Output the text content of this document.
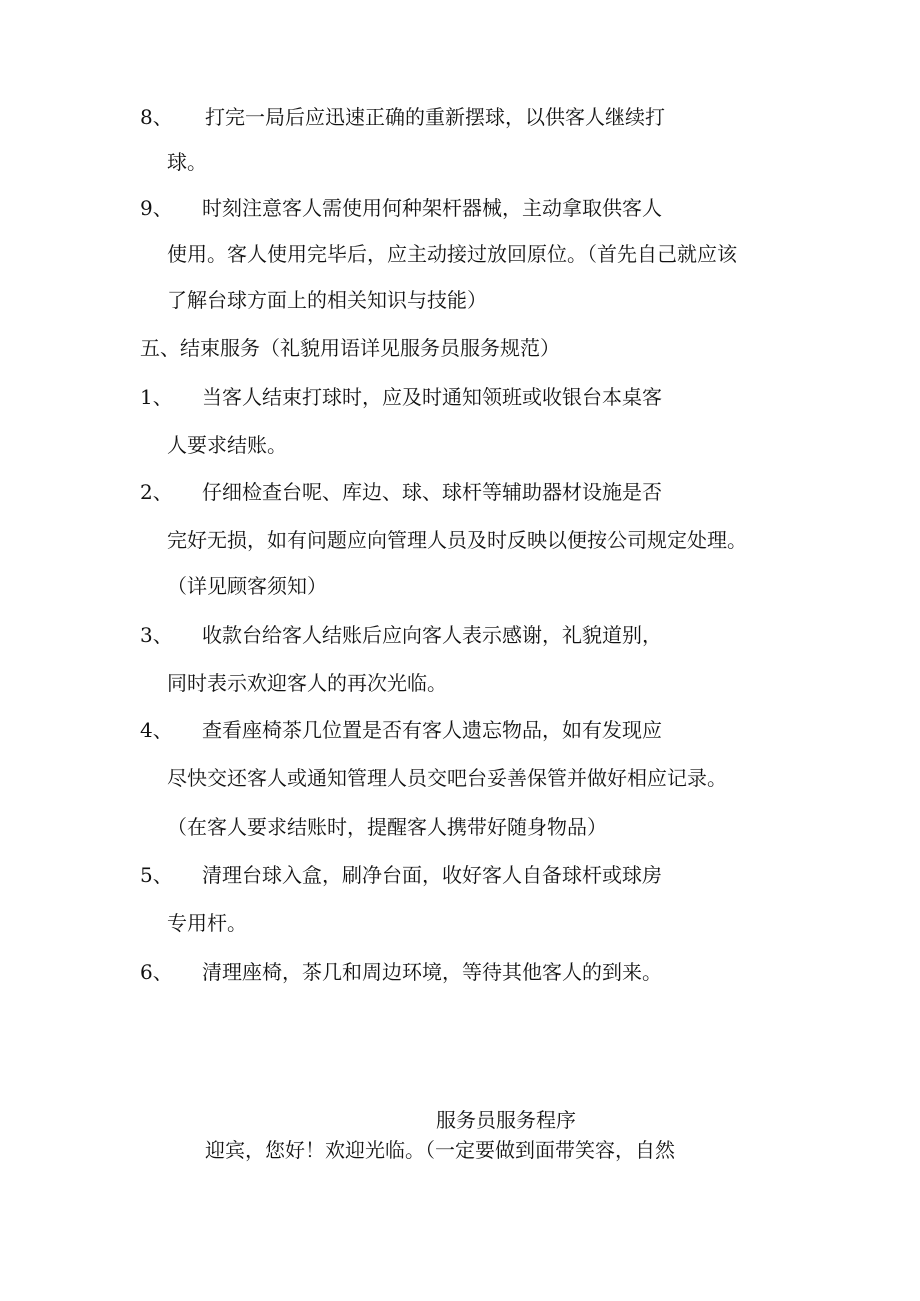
8、 打完一局后应迅速正确的重新摆球，以供客人继续打
球。
9、 时刻注意客人需使用何种架杆器械，主动拿取供客人
使用。客人使用完毕后，应主动接过放回原位。（首先自己就应该
了解台球方面上的相关知识与技能）
五、结束服务（礼貌用语详见服务员服务规范）
1、 当客人结束打球时，应及时通知领班或收银台本桌客
人要求结账。
2、 仔细检查台呢、库边、球、球杆等辅助器材设施是否
完好无损，如有问题应向管理人员及时反映以便按公司规定处理。
（详见顾客须知）
3、 收款台给客人结账后应向客人表示感谢，礼貌道别，
同时表示欢迎客人的再次光临。
4、 查看座椅茶几位置是否有客人遗忘物品，如有发现应
尽快交还客人或通知管理人员交吧台妥善保管并做好相应记录。
（在客人要求结账时，提醒客人携带好随身物品）
5、 清理台球入盒，刷净台面，收好客人自备球杆或球房
专用杆。
6、 清理座椅，茶几和周边环境，等待其他客人的到来。
服务员服务程序
迎宾，您好！欢迎光临。（一定要做到面带笑容，自然
